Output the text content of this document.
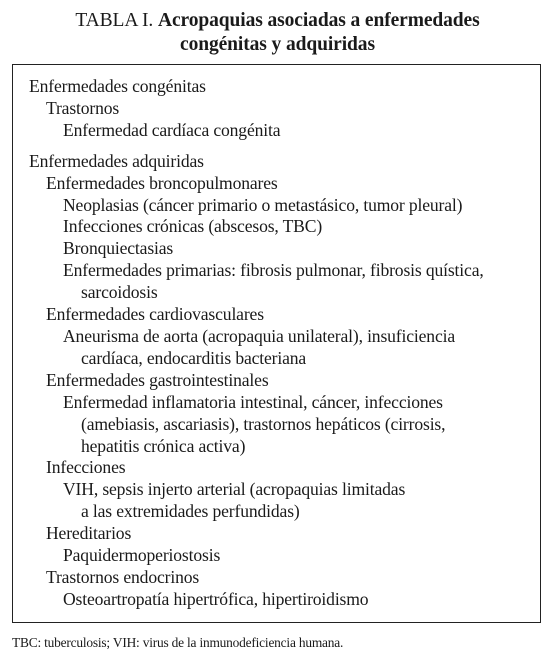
TABLA I. Acropaquias asociadas a enfermedades
congénitas y adquiridas
Enfermedades congénitas
Trastornos
Enfermedad cardíaca congénita
Enfermedades adquiridas
Enfermedades broncopulmonares
Neoplasias (cáncer primario o metastásico, tumor pleural)
Infecciones crónicas (abscesos, TBC)
Bronquiectasias
Enfermedades primarias: fibrosis pulmonar, fibrosis quística,
sarcoidosis
Enfermedades cardiovasculares
Aneurisma de aorta (acropaquia unilateral), insuficiencia
cardíaca, endocarditis bacteriana
Enfermedades gastrointestinales
Enfermedad inflamatoria intestinal, cáncer, infecciones
(amebiasis, ascariasis), trastornos hepáticos (cirrosis,
hepatitis crónica activa)
Infecciones
VIH, sepsis injerto arterial (acropaquias limitadas
a las extremidades perfundidas)
Hereditarios
Paquidermoperiostosis
Trastornos endocrinos
Osteoartropatía hipertrófica, hipertiroidismo
TBC: tuberculosis; VIH: virus de la inmunodeficiencia humana.
